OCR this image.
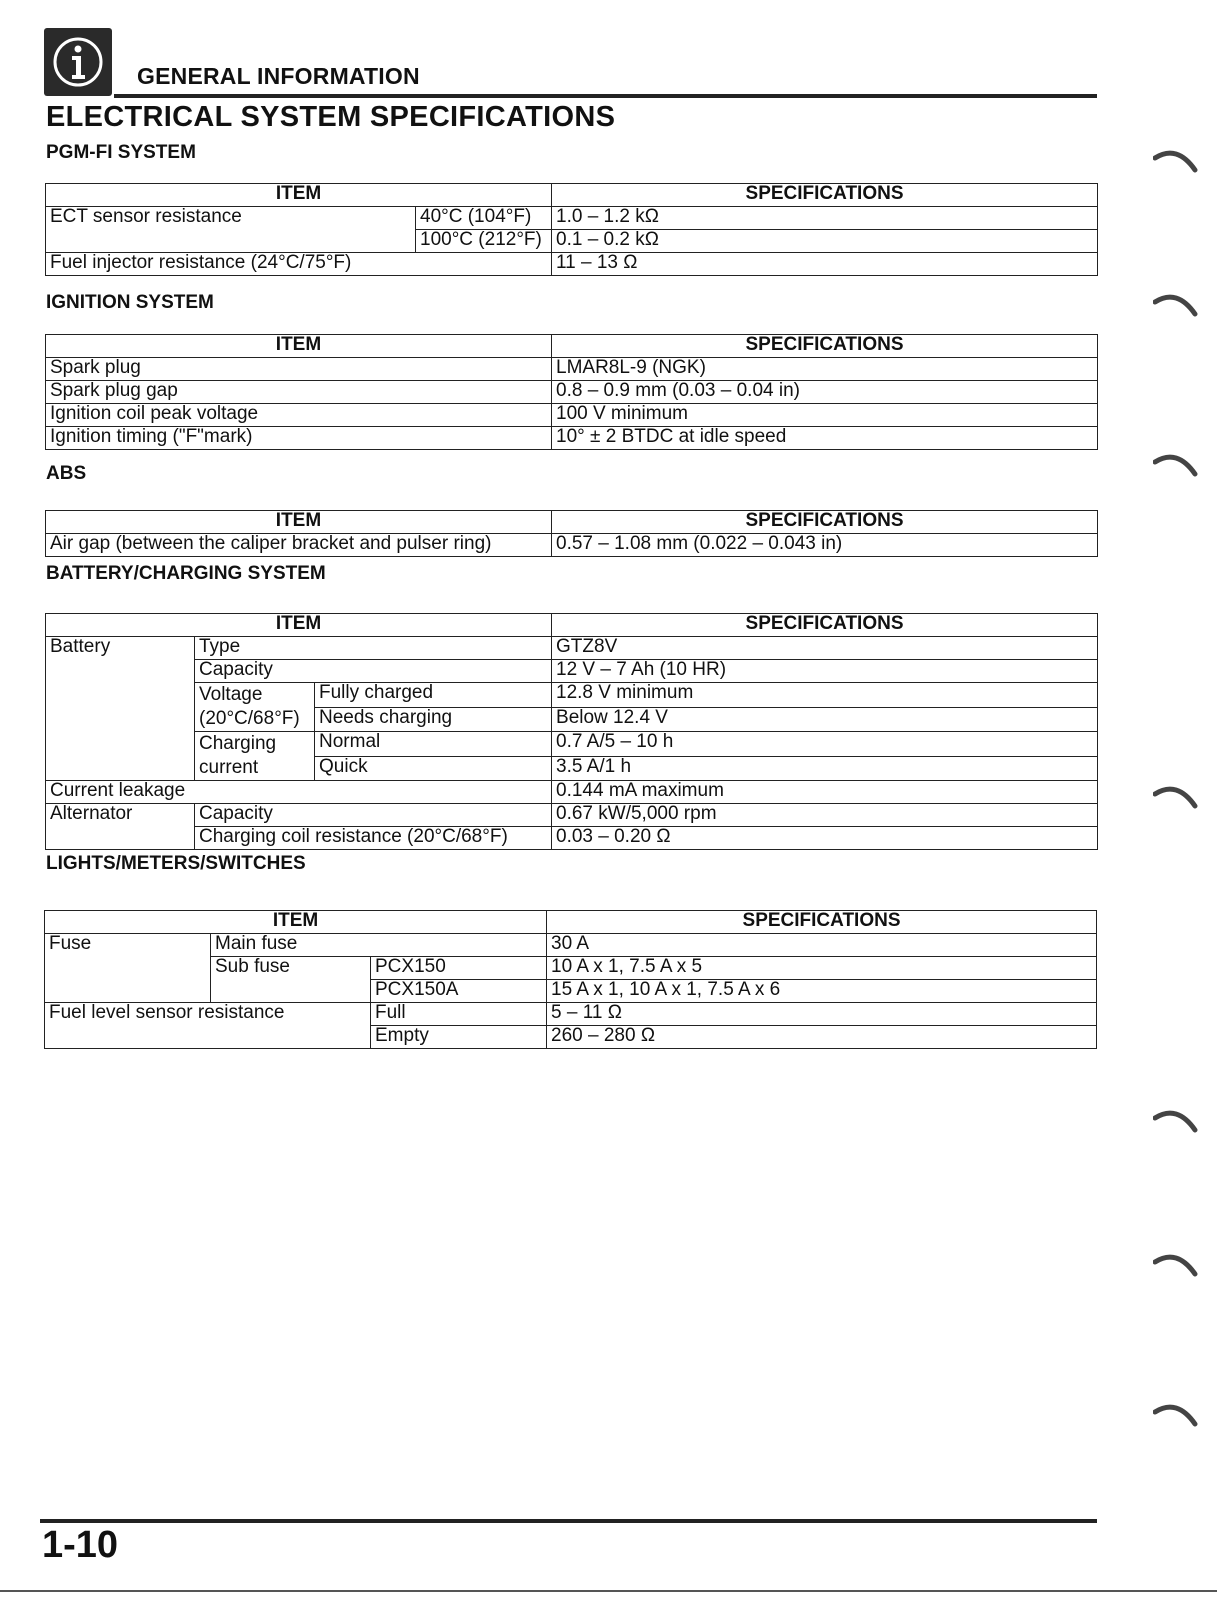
GENERAL INFORMATION
ELECTRICAL SYSTEM SPECIFICATIONS
PGM-FI SYSTEM
ITEM		SPECIFICATIONS
ECT sensor resistance	40°C (104°F)	1.0 – 1.2 kΩ
	100°C (212°F)	0.1 – 0.2 kΩ
Fuel injector resistance (24°C/75°F)		11 – 13 Ω
IGNITION SYSTEM
ITEM	SPECIFICATIONS
Spark plug	LMAR8L-9 (NGK)
Spark plug gap	0.8 – 0.9 mm (0.03 – 0.04 in)
Ignition coil peak voltage	100 V minimum
Ignition timing ("F"mark)	10° ± 2 BTDC at idle speed
ABS
ITEM	SPECIFICATIONS
Air gap (between the caliper bracket and pulser ring)	0.57 – 1.08 mm (0.022 – 0.043 in)
BATTERY/CHARGING SYSTEM
ITEM			SPECIFICATIONS
Battery	Type		GTZ8V
	Capacity		12 V – 7 Ah (10 HR)
	Voltage (20°C/68°F)	Fully charged	12.8 V minimum
		Needs charging	Below 12.4 V
	Charging current	Normal	0.7 A/5 – 10 h
		Quick	3.5 A/1 h
Current leakage			0.144 mA maximum
Alternator	Capacity		0.67 kW/5,000 rpm
	Charging coil resistance (20°C/68°F)		0.03 – 0.20 Ω
LIGHTS/METERS/SWITCHES
ITEM			SPECIFICATIONS
Fuse	Main fuse		30 A
	Sub fuse	PCX150	10 A x 1, 7.5 A x 5
		PCX150A	15 A x 1, 10 A x 1, 7.5 A x 6
Fuel level sensor resistance		Full	5 – 11 Ω
		Empty	260 – 280 Ω
1-10
